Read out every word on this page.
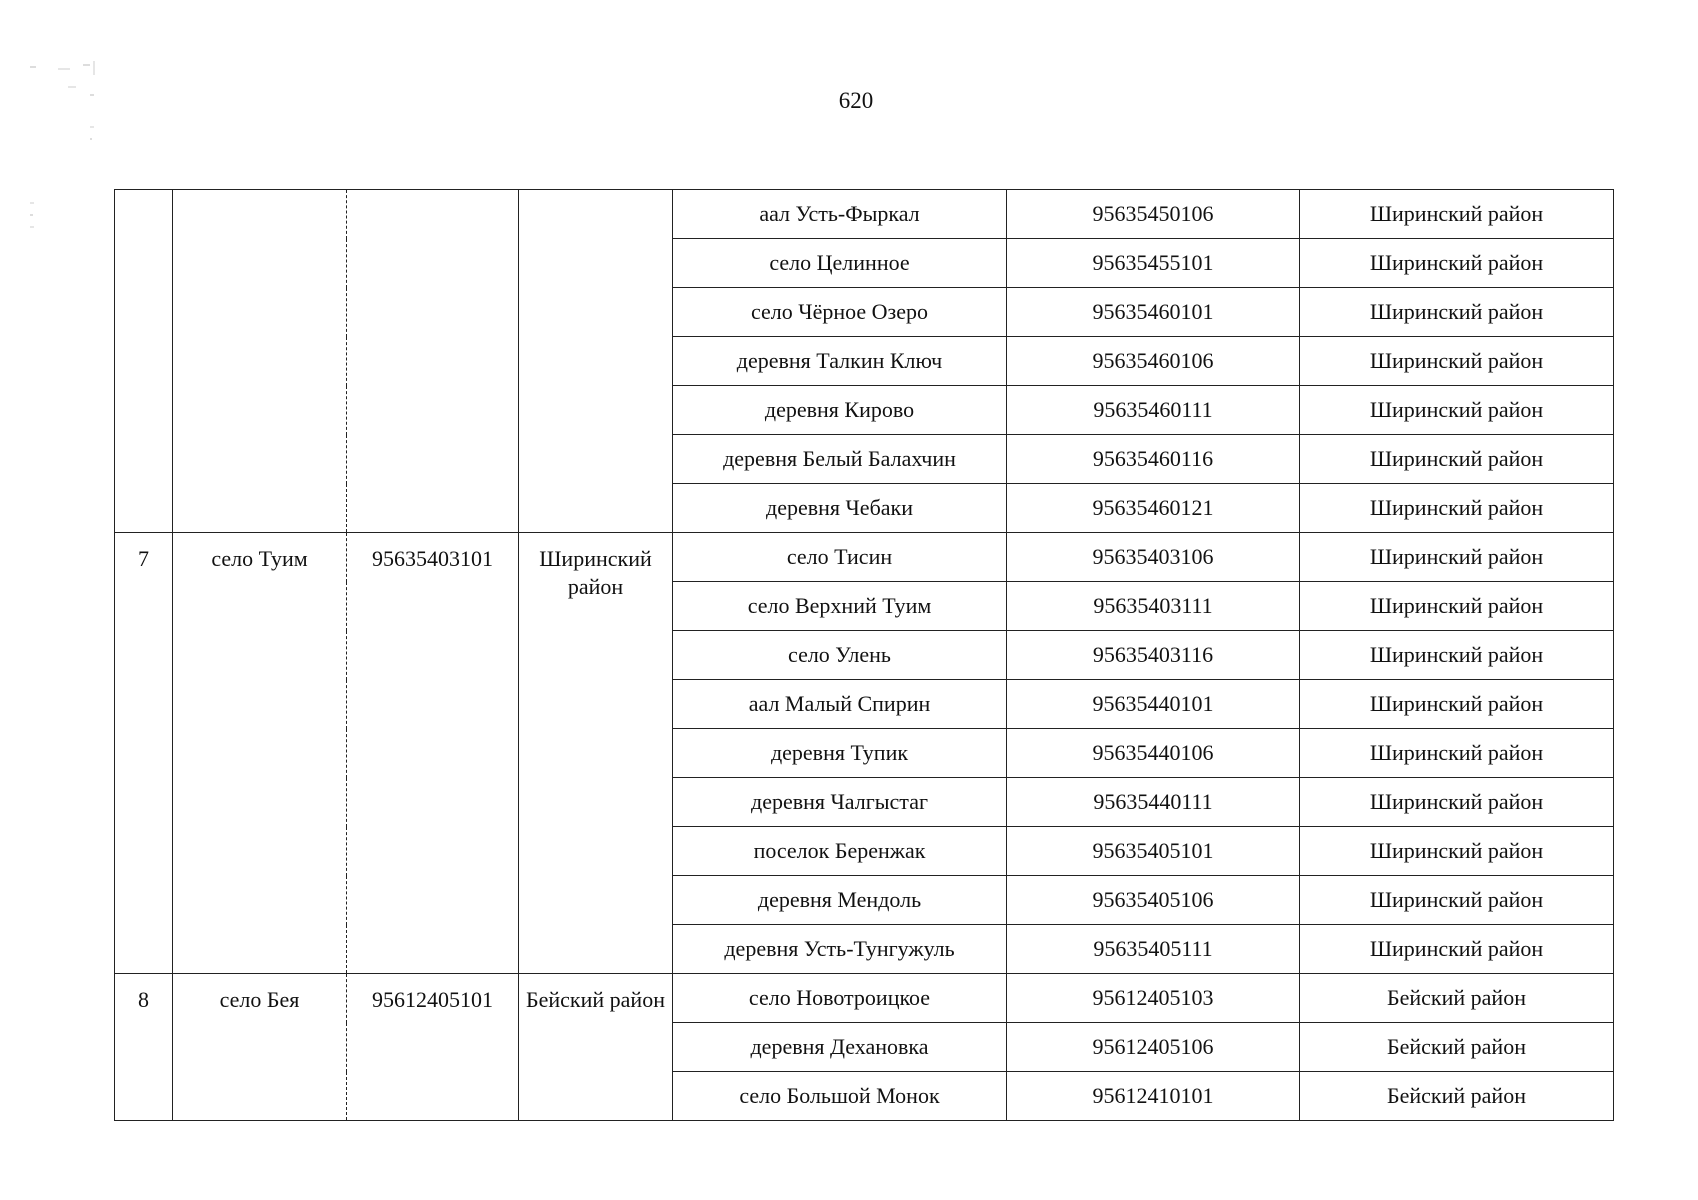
620
				аал Усть-Фыркал	95635450106	Ширинский район
				село Целинное	95635455101	Ширинский район
				село Чёрное Озеро	95635460101	Ширинский район
				деревня Талкин Ключ	95635460106	Ширинский район
				деревня Кирово	95635460111	Ширинский район
				деревня Белый Балахчин	95635460116	Ширинский район
				деревня Чебаки	95635460121	Ширинский район
7	село Туим	95635403101	Ширинский район	село Тисин	95635403106	Ширинский район
				село Верхний Туим	95635403111	Ширинский район
				село Улень	95635403116	Ширинский район
				аал Малый Спирин	95635440101	Ширинский район
				деревня Тупик	95635440106	Ширинский район
				деревня Чалгыстаг	95635440111	Ширинский район
				поселок Беренжак	95635405101	Ширинский район
				деревня Мендоль	95635405106	Ширинский район
				деревня Усть-Тунгужуль	95635405111	Ширинский район
8	село Бея	95612405101	Бейский район	село Новотроицкое	95612405103	Бейский район
				деревня Дехановка	95612405106	Бейский район
				село Большой Монок	95612410101	Бейский район
